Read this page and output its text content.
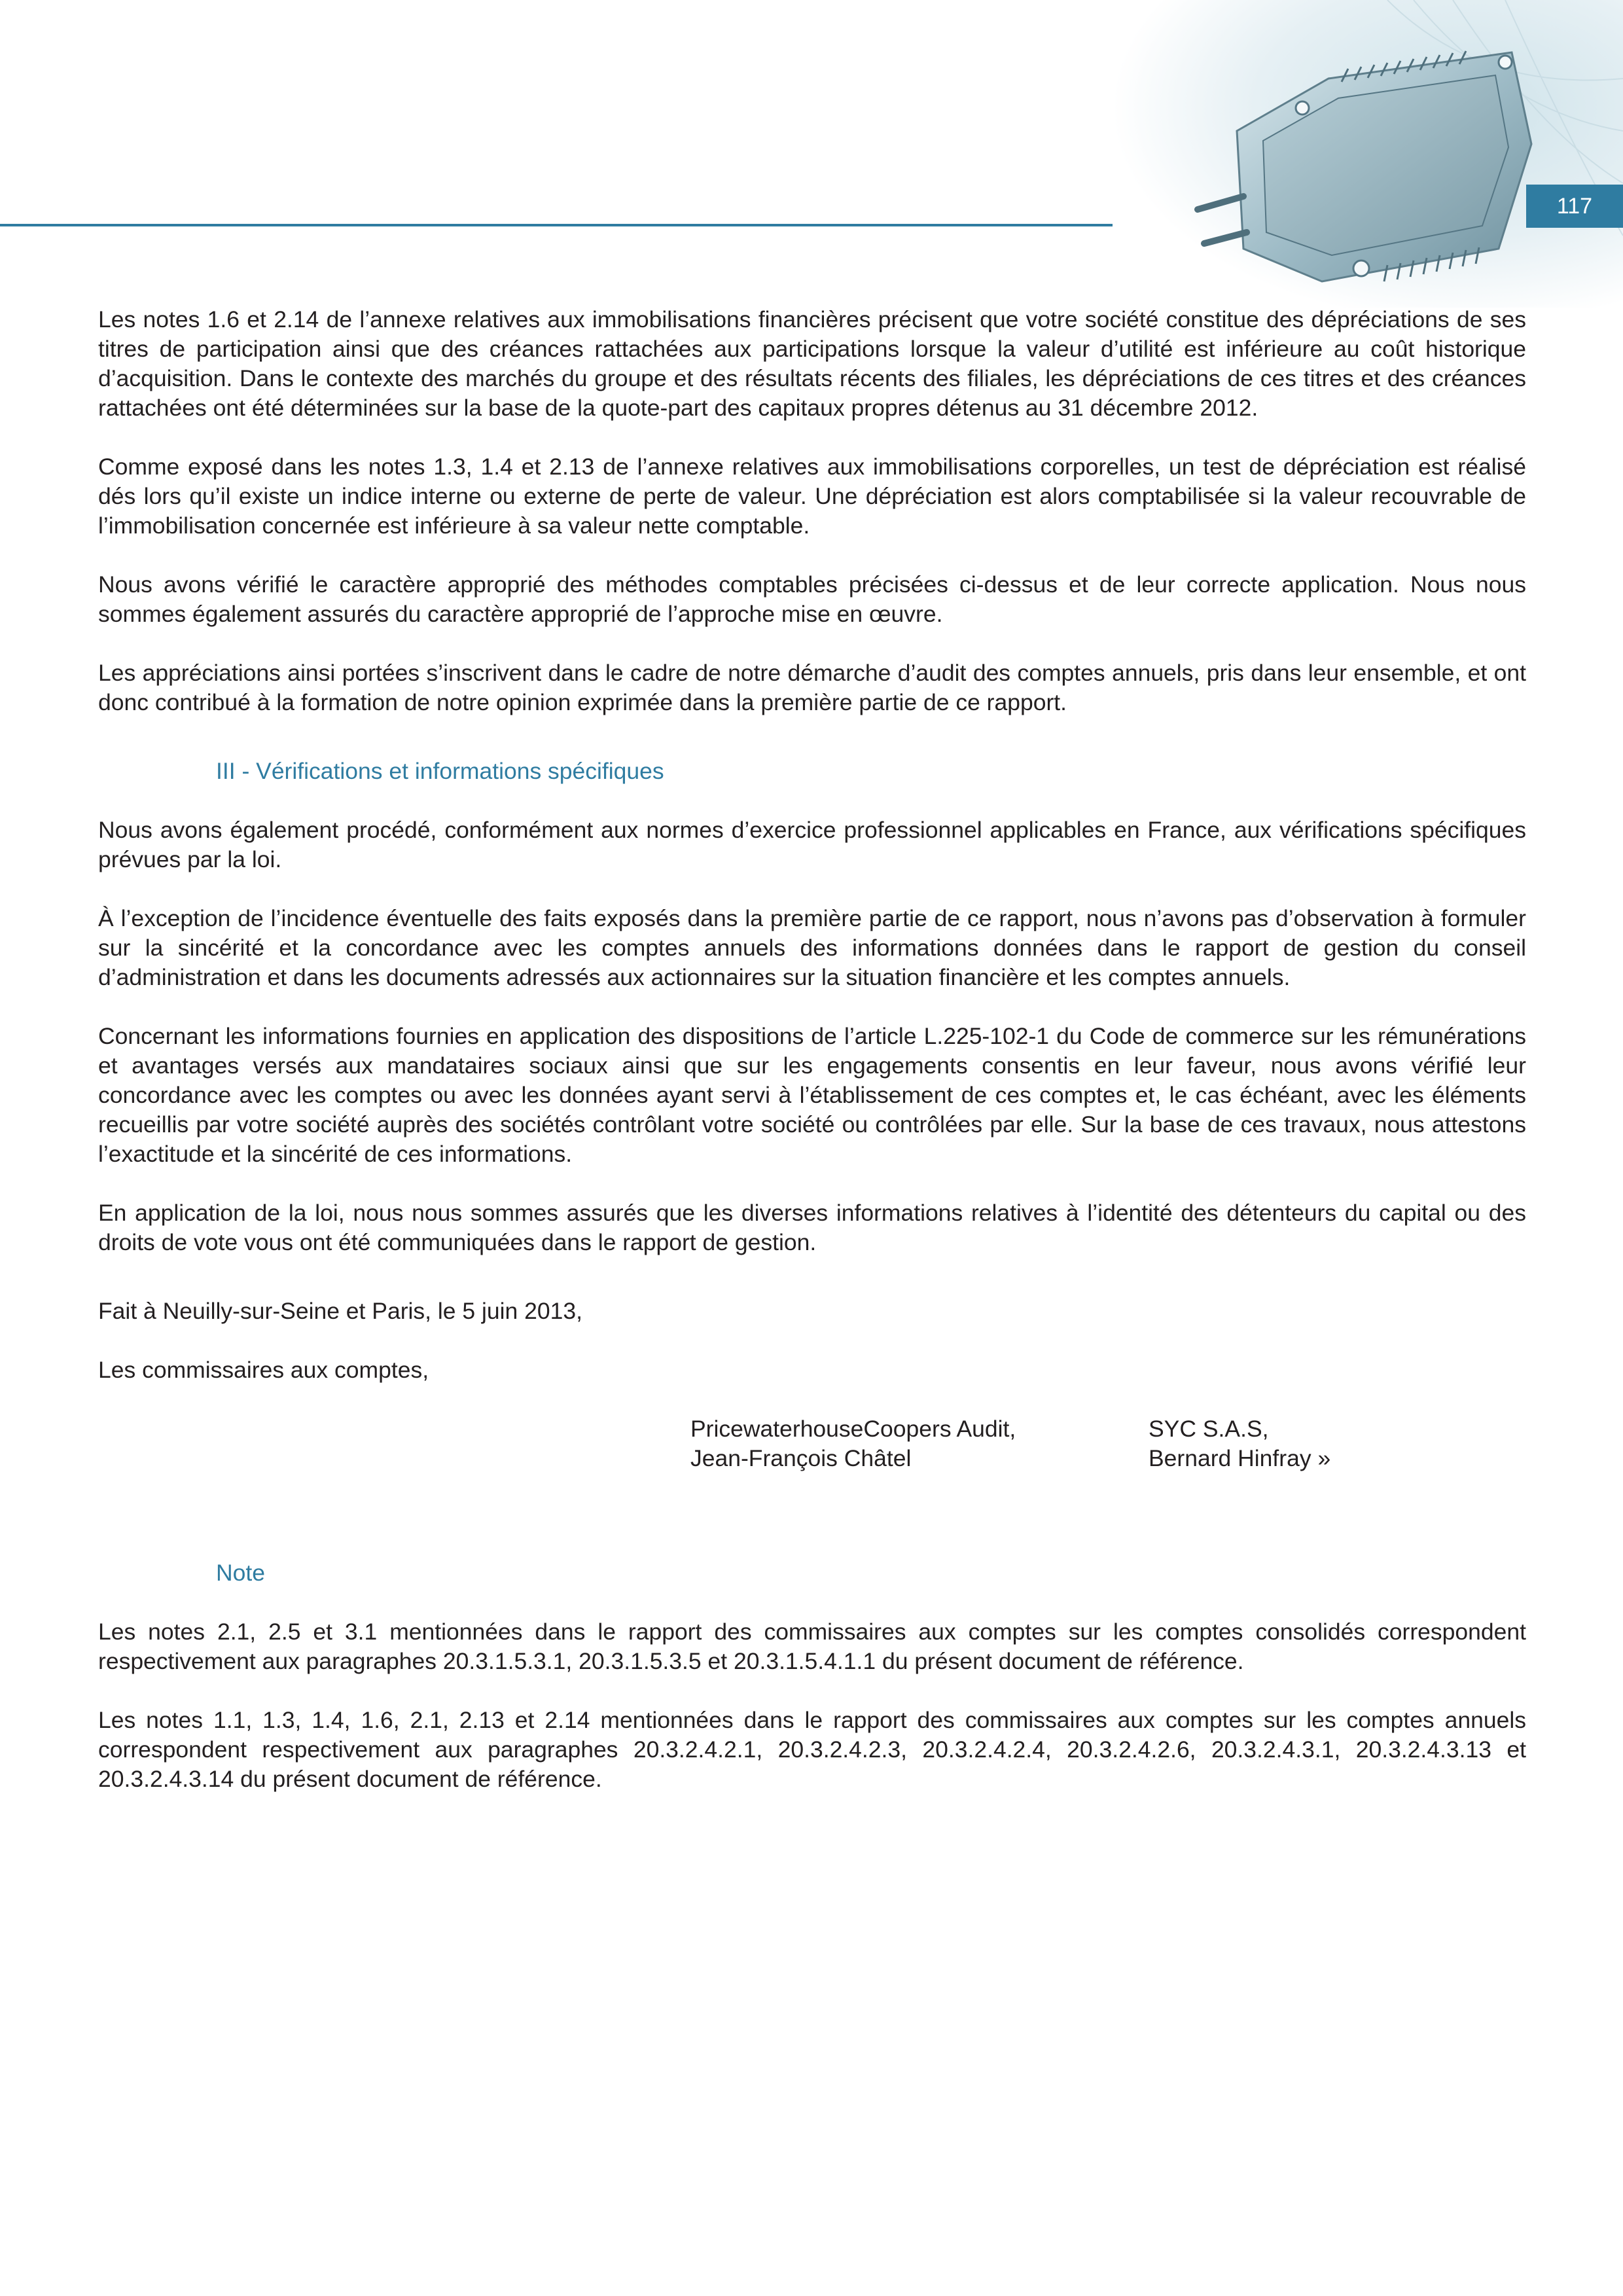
117

Les notes 1.6 et 2.14 de l’annexe relatives aux immobilisations financières précisent que votre société constitue des dépréciations de ses titres de participation ainsi que des créances rattachées aux participations lorsque la valeur d’utilité est inférieure au coût historique d’acquisition. Dans le contexte des marchés du groupe et des résultats récents des filiales, les dépréciations de ces titres et des créances rattachées ont été déterminées sur la base de la quote-part des capitaux propres détenus au 31 décembre 2012.

Comme exposé dans les notes 1.3, 1.4 et 2.13 de l’annexe relatives aux immobilisations corporelles, un test de dépréciation est réalisé dés lors qu’il existe un indice interne ou externe de perte de valeur. Une dépréciation est alors comptabilisée si la valeur recouvrable de l’immobilisation concernée est inférieure à sa valeur nette comptable.

Nous avons vérifié le caractère approprié des méthodes comptables précisées ci-dessus et de leur correcte application. Nous nous sommes également assurés du caractère approprié de l’approche mise en œuvre.

Les appréciations ainsi portées s’inscrivent dans le cadre de notre démarche d’audit des comptes annuels, pris dans leur ensemble, et ont donc contribué à la formation de notre opinion exprimée dans la première partie de ce rapport.

III - Vérifications et informations spécifiques

Nous avons également procédé, conformément aux normes d’exercice professionnel applicables en France, aux vérifications spécifiques prévues par la loi.

À l’exception de l’incidence éventuelle des faits exposés dans la première partie de ce rapport, nous n’avons pas d’observation à formuler sur la sincérité et la concordance avec les comptes annuels des informations données dans le rapport de gestion du conseil d’administration et dans les documents adressés aux actionnaires sur la situation financière et les comptes annuels.

Concernant les informations fournies en application des dispositions de l’article L.225-102-1 du Code de commerce sur les rémunérations et avantages versés aux mandataires sociaux ainsi que sur les engagements consentis en leur faveur, nous avons vérifié leur concordance avec les comptes ou avec les données ayant servi à l’établissement de ces comptes et, le cas échéant, avec les éléments recueillis par votre société auprès des sociétés contrôlant votre société ou contrôlées par elle. Sur la base de ces travaux, nous attestons l’exactitude et la sincérité de ces informations.

En application de la loi, nous nous sommes assurés que les diverses informations relatives à l’identité des détenteurs du capital ou des droits de vote vous ont été communiquées dans le rapport de gestion.

Fait à Neuilly-sur-Seine et Paris, le 5 juin 2013,

Les commissaires aux comptes,

PricewaterhouseCoopers Audit,
Jean-François Châtel
SYC S.A.S,
Bernard Hinfray »
Note

Les notes 2.1, 2.5 et 3.1 mentionnées dans le rapport des commissaires aux comptes sur les comptes consolidés correspondent respectivement aux paragraphes 20.3.1.5.3.1, 20.3.1.5.3.5 et 20.3.1.5.4.1.1 du présent document de référence.

Les notes 1.1, 1.3, 1.4, 1.6, 2.1, 2.13 et 2.14 mentionnées dans le rapport des commissaires aux comptes sur les comptes annuels correspondent respectivement aux paragraphes 20.3.2.4.2.1, 20.3.2.4.2.3, 20.3.2.4.2.4, 20.3.2.4.2.6, 20.3.2.4.3.1, 20.3.2.4.3.13 et 20.3.2.4.3.14 du présent document de référence.
